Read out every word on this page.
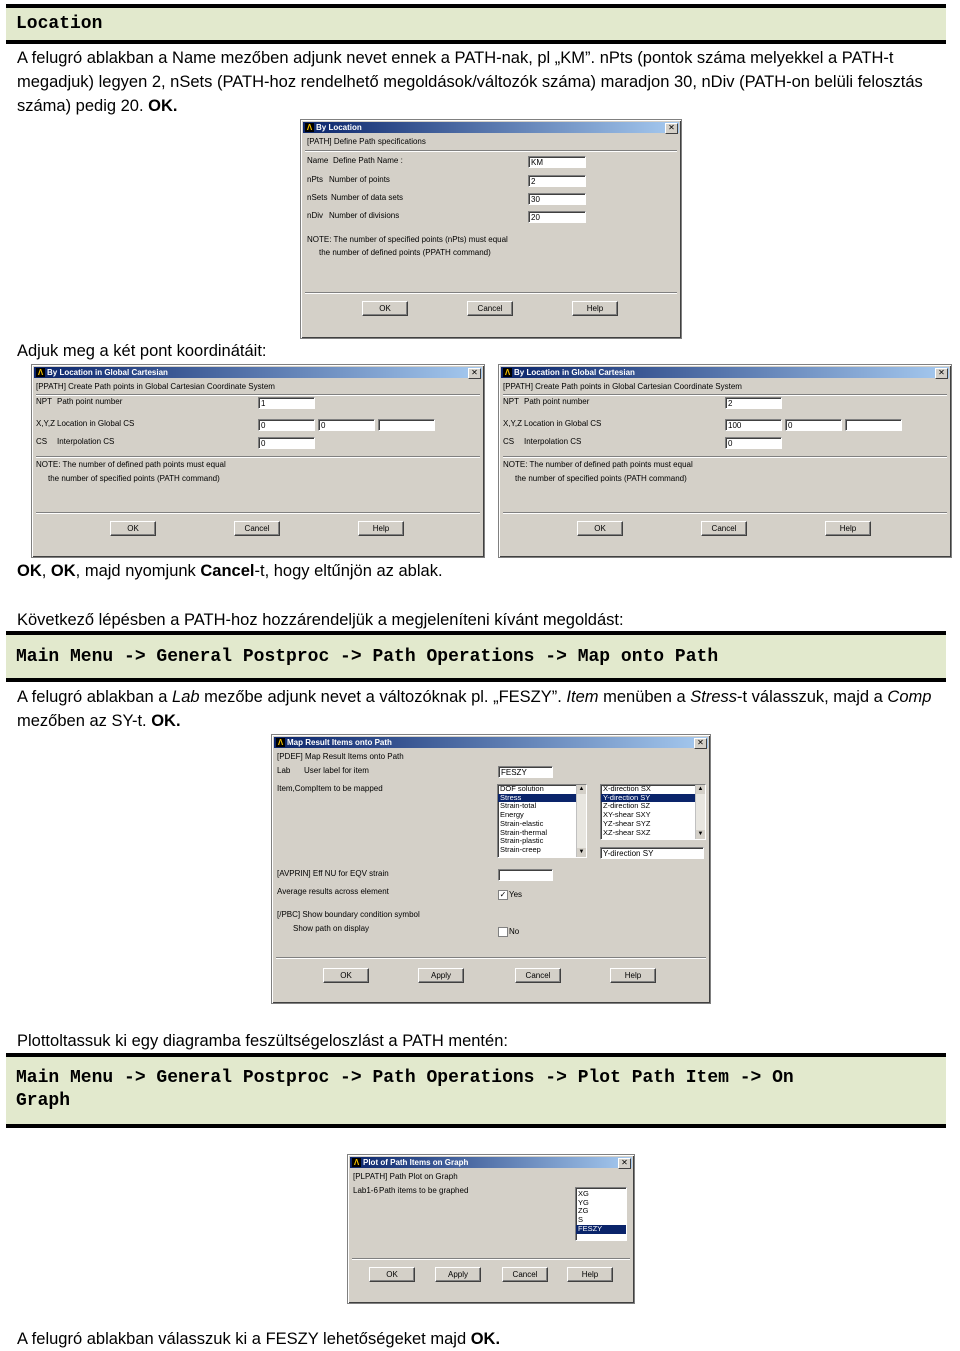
Location
A felugró ablakban a Name mezőben adjunk nevet ennek a PATH-nak, pl „KM”. nPts (pontok száma melyekkel a PATH-t megadjuk) legyen 2, nSets (PATH-hoz rendelhető megoldások/változók száma) maradjon 30, nDiv (PATH-on belüli felosztás száma) pedig 20. OK.
Λ By Location	✕
[PATH] Define Path specifications
Name Define Path Name :	KM
nPts Number of points	2
nSets Number of data sets	30
nDiv Number of divisions	20
NOTE: The number of specified points (nPts) must equal
the number of defined points (PPATH command)
OK	Cancel	Help
Adjuk meg a két pont koordinátáit:
Λ By Location in Global Cartesian	✕
[PPATH] Create Path points in Global Cartesian Coordinate System
NPT Path point number	1
X,Y,Z Location in Global CS	0	0
CS Interpolation CS	0
NOTE: The number of defined path points must equal
the number of specified points (PATH command)
OK	Cancel	Help
Λ By Location in Global Cartesian	✕
[PPATH] Create Path points in Global Cartesian Coordinate System
NPT Path point number	2
X,Y,Z Location in Global CS	100	0
CS Interpolation CS	0
NOTE: The number of defined path points must equal
the number of specified points (PATH command)
OK	Cancel	Help
OK, OK, majd nyomjunk Cancel-t, hogy eltűnjön az ablak.
Következő lépésben a PATH-hoz hozzárendeljük a megjeleníteni kívánt megoldást:
Main Menu -> General Postproc -> Path Operations -> Map onto Path
A felugró ablakban a Lab mezőbe adjunk nevet a változóknak pl. „FESZY”. Item menüben a Stress-t válasszuk, majd a Comp mezőben az SY-t. OK.
Λ Map Result Items onto Path	✕
[PDEF] Map Result Items onto Path
Lab User label for item	FESZY
Item,Comp Item to be mapped	DOF solution
Stress
Strain-total
Energy
Strain-elastic
Strain-thermal
Strain-plastic
Strain-creep
▲ ▼
X-direction SX
Y-direction SY
Z-direction SZ
XY-shear SXY
YZ-shear SYZ
XZ-shear SXZ
▲ ▼
Y-direction SY
[AVPRIN] Eff NU for EQV strain
Average results across element	✓ Yes
[/PBC] Show boundary condition symbol
Show path on display	No
OK	Apply	Cancel	Help
Plottoltassuk ki egy diagramba feszültségeloszlást a PATH mentén:
Main Menu -> General Postproc -> Path Operations -> Plot Path Item -> On
Graph
Λ Plot of Path Items on Graph	✕
[PLPATH] Path Plot on Graph
Lab1-6 Path items to be graphed	XG
YG
ZG
S
FESZY
OK	Apply	Cancel	Help
A felugró ablakban válasszuk ki a FESZY lehetőségeket majd OK.
